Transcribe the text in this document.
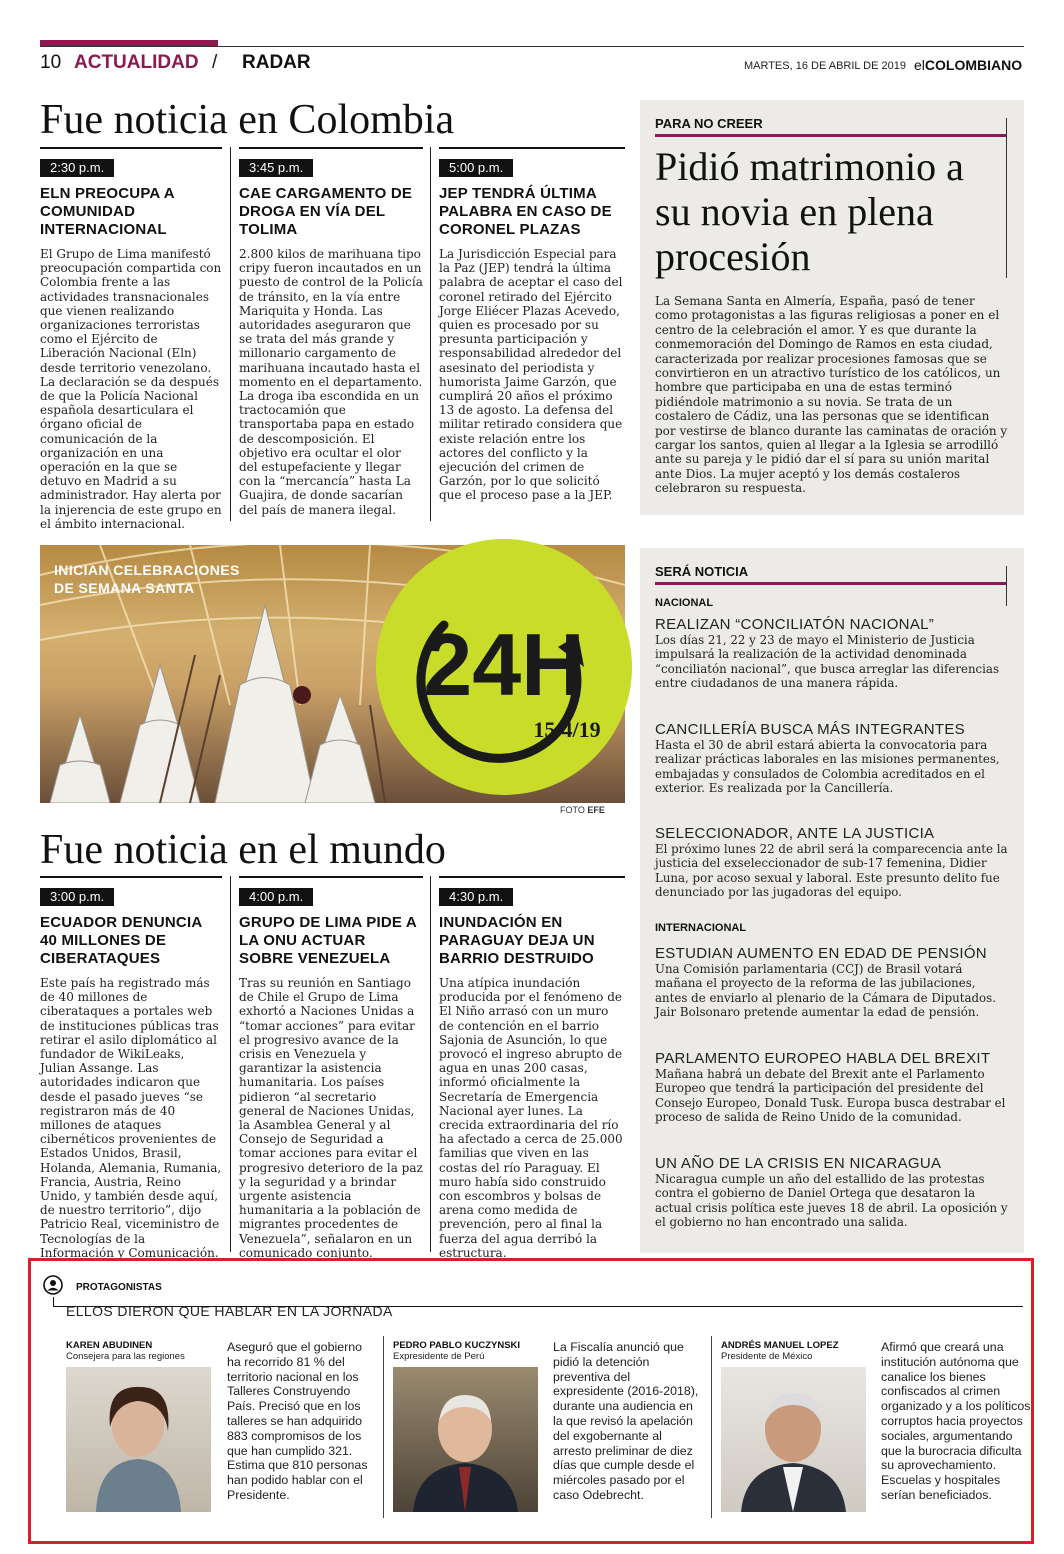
10 ACTUALIDAD / RADAR	MARTES, 16 DE ABRIL DE 2019 elCOLOMBIANO
Fue noticia en Colombia
2:30 p.m.
ELN PREOCUPA A COMUNIDAD INTERNACIONAL
El Grupo de Lima manifestó preocupación compartida con Colombia frente a las actividades transnacionales que vienen realizando organizaciones terroristas como el Ejército de Liberación Nacional (Eln) desde territorio venezolano. La declaración se da después de que la Policía Nacional española desarticulara el órgano oficial de comunicación de la organización en una operación en la que se detuvo en Madrid a su administrador. Hay alerta por la injerencia de este grupo en el ámbito internacional.
3:45 p.m.
CAE CARGAMENTO DE DROGA EN VÍA DEL TOLIMA
2.800 kilos de marihuana tipo cripy fueron incautados en un puesto de control de la Policía de tránsito, en la vía entre Mariquita y Honda. Las autoridades aseguraron que se trata del más grande y millonario cargamento de marihuana incautado hasta el momento en el departamento. La droga iba escondida en un tractocamión que transportaba papa en estado de descomposición. El objetivo era ocultar el olor del estupefaciente y llegar con la “mercancía” hasta La Guajira, de donde sacarían del país de manera ilegal.
5:00 p.m.
JEP TENDRÁ ÚLTIMA PALABRA EN CASO DE CORONEL PLAZAS
La Jurisdicción Especial para la Paz (JEP) tendrá la última palabra de aceptar el caso del coronel retirado del Ejército Jorge Eliécer Plazas Acevedo, quien es procesado por su presunta participación y responsabilidad alrededor del asesinato del periodista y humorista Jaime Garzón, que cumplirá 20 años el próximo 13 de agosto. La defensa del militar retirado considera que existe relación entre los actores del conflicto y la ejecución del crimen de Garzón, por lo que solicitó que el proceso pase a la JEP.
PARA NO CREER
Pidió matrimonio a su novia en plena procesión
La Semana Santa en Almería, España, pasó de tener como protagonistas a las figuras religiosas a poner en el centro de la celebración el amor. Y es que durante la conmemoración del Domingo de Ramos en esta ciudad, caracterizada por realizar procesiones famosas que se convirtieron en un atractivo turístico de los católicos, un hombre que participaba en una de estas terminó pidiéndole matrimonio a su novia. Se trata de un costalero de Cádiz, una las personas que se identifican por vestirse de blanco durante las caminatas de oración y cargar los santos, quien al llegar a la Iglesia se arrodilló ante su pareja y le pidió dar el sí para su unión marital ante Dios. La mujer aceptó y los demás costaleros celebraron su respuesta.
INICIAN CELEBRACIONES
DE SEMANA SANTA
24H
15/4/19
FOTO EFE
SERÁ NOTICIA
NACIONAL
REALIZAN “CONCILIATÓN NACIONAL”
Los días 21, 22 y 23 de mayo el Ministerio de Justicia impulsará la realización de la actividad denominada “conciliatón nacional”, que busca arreglar las diferencias entre ciudadanos de una manera rápida.
CANCILLERÍA BUSCA MÁS INTEGRANTES
Hasta el 30 de abril estará abierta la convocatoria para realizar prácticas laborales en las misiones permanentes, embajadas y consulados de Colombia acreditados en el exterior. Es realizada por la Cancillería.
SELECCIONADOR, ANTE LA JUSTICIA
El próximo lunes 22 de abril será la comparecencia ante la justicia del exseleccionador de sub-17 femenina, Didier Luna, por acoso sexual y laboral. Este presunto delito fue denunciado por las jugadoras del equipo.
INTERNACIONAL
ESTUDIAN AUMENTO EN EDAD DE PENSIÓN
Una Comisión parlamentaria (CCJ) de Brasil votará mañana el proyecto de la reforma de las jubilaciones, antes de enviarlo al plenario de la Cámara de Diputados. Jair Bolsonaro pretende aumentar la edad de pensión.
PARLAMENTO EUROPEO HABLA DEL BREXIT
Mañana habrá un debate del Brexit ante el Parlamento Europeo que tendrá la participación del presidente del Consejo Europeo, Donald Tusk. Europa busca destrabar el proceso de salida de Reino Unido de la comunidad.
UN AÑO DE LA CRISIS EN NICARAGUA
Nicaragua cumple un año del estallido de las protestas contra el gobierno de Daniel Ortega que desataron la actual crisis política este jueves 18 de abril. La oposición y el gobierno no han encontrado una salida.
Fue noticia en el mundo
3:00 p.m.
ECUADOR DENUNCIA 40 MILLONES DE CIBERATAQUES
Este país ha registrado más de 40 millones de ciberataques a portales web de instituciones públicas tras retirar el asilo diplomático al fundador de WikiLeaks, Julian Assange. Las autoridades indicaron que desde el pasado jueves “se registraron más de 40 millones de ataques cibernéticos provenientes de Estados Unidos, Brasil, Holanda, Alemania, Rumania, Francia, Austria, Reino Unido, y también desde aquí, de nuestro territorio”, dijo Patricio Real, viceministro de Tecnologías de la Información y Comunicación.
4:00 p.m.
GRUPO DE LIMA PIDE A LA ONU ACTUAR SOBRE VENEZUELA
Tras su reunión en Santiago de Chile el Grupo de Lima exhortó a Naciones Unidas a “tomar acciones” para evitar el progresivo avance de la crisis en Venezuela y garantizar la asistencia humanitaria. Los países pidieron “al secretario general de Naciones Unidas, la Asamblea General y al Consejo de Seguridad a tomar acciones para evitar el progresivo deterioro de la paz y la seguridad y a brindar urgente asistencia humanitaria a la población de migrantes procedentes de Venezuela”, señalaron en un comunicado conjunto.
4:30 p.m.
INUNDACIÓN EN PARAGUAY DEJA UN BARRIO DESTRUIDO
Una atípica inundación producida por el fenómeno de El Niño arrasó con un muro de contención en el barrio Sajonia de Asunción, lo que provocó el ingreso abrupto de agua en unas 200 casas, informó oficialmente la Secretaría de Emergencia Nacional ayer lunes. La crecida extraordinaria del río ha afectado a cerca de 25.000 familias que viven en las costas del río Paraguay. El muro había sido construido con escombros y bolsas de arena como medida de prevención, pero al final la fuerza del agua derribó la estructura.
PROTAGONISTAS
ELLOS DIERON QUE HABLAR EN LA JORNADA
KAREN ABUDINEN
Consejera para las regiones
Aseguró que el gobierno ha recorrido 81 % del territorio nacional en los Talleres Construyendo País. Precisó que en los talleres se han adquirido 883 compromisos de los que han cumplido 321. Estima que 810 personas han podido hablar con el Presidente.
PEDRO PABLO KUCZYNSKI
Expresidente de Perú
La Fiscalía anunció que pidió la detención preventiva del expresidente (2016-2018), durante una audiencia en la que revisó la apelación del exgobernante al arresto preliminar de diez días que cumple desde el miércoles pasado por el caso Odebrecht.
ANDRÉS MANUEL LOPEZ
Presidente de México
Afirmó que creará una institución autónoma que canalice los bienes confiscados al crimen organizado y a los políticos corruptos hacia proyectos sociales, argumentando que la burocracia dificulta su aprovechamiento. Escuelas y hospitales serían beneficiados.
